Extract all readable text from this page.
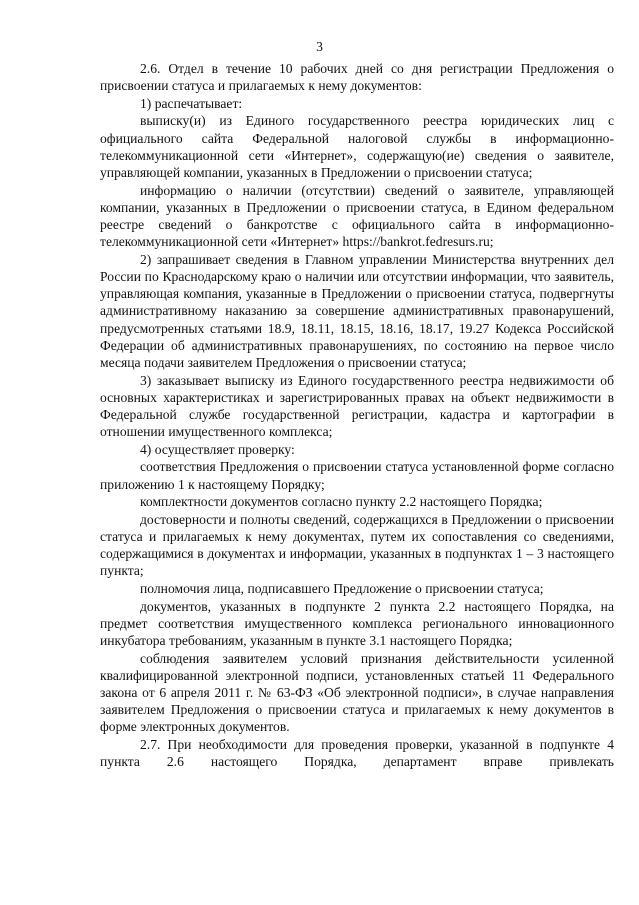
3

2.6. Отдел в течение 10 рабочих дней со дня регистрации Предложения о присвоении статуса и прилагаемых к нему документов:

1) распечатывает:

выписку(и) из Единого государственного реестра юридических лиц с официального сайта Федеральной налоговой службы в информационно-телекоммуникационной сети «Интернет», содержащую(ие) сведения о заявителе, управляющей компании, указанных в Предложении о присвоении статуса;

информацию о наличии (отсутствии) сведений о заявителе, управляющей компании, указанных в Предложении о присвоении статуса, в Едином федеральном реестре сведений о банкротстве с официального сайта в информационно-телекоммуникационной сети «Интернет» https://bankrot.fedresurs.ru;

2) запрашивает сведения в Главном управлении Министерства внутренних дел России по Краснодарскому краю о наличии или отсутствии информации, что заявитель, управляющая компания, указанные в Предложении о присвоении статуса, подвергнуты административному наказанию за совершение административных правонарушений, предусмотренных статьями 18.9, 18.11, 18.15, 18.16, 18.17, 19.27 Кодекса Российской Федерации об административных правонарушениях, по состоянию на первое число месяца подачи заявителем Предложения о присвоении статуса;

3) заказывает выписку из Единого государственного реестра недвижимости об основных характеристиках и зарегистрированных правах на объект недвижимости в Федеральной службе государственной регистрации, кадастра и картографии в отношении имущественного комплекса;

4) осуществляет проверку:

соответствия Предложения о присвоении статуса установленной форме согласно приложению 1 к настоящему Порядку;

комплектности документов согласно пункту 2.2 настоящего Порядка;

достоверности и полноты сведений, содержащихся в Предложении о присвоении статуса и прилагаемых к нему документах, путем их сопоставления со сведениями, содержащимися в документах и информации, указанных в подпунктах 1 – 3 настоящего пункта;

полномочия лица, подписавшего Предложение о присвоении статуса;

документов, указанных в подпункте 2 пункта 2.2 настоящего Порядка, на предмет соответствия имущественного комплекса регионального инновационного инкубатора требованиям, указанным в пункте 3.1 настоящего Порядка;

соблюдения заявителем условий признания действительности усиленной квалифицированной электронной подписи, установленных статьей 11 Федерального закона от 6 апреля 2011 г. № 63-ФЗ «Об электронной подписи», в случае направления заявителем Предложения о присвоении статуса и прилагаемых к нему документов в форме электронных документов.

2.7. При необходимости для проведения проверки, указанной в подпункте 4 пункта 2.6 настоящего Порядка, департамент вправе привлекать
